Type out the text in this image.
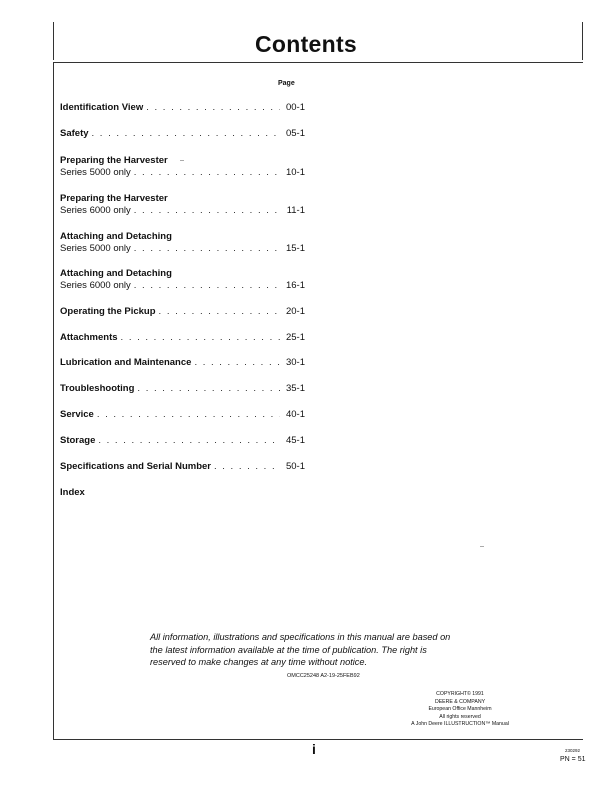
Contents
Page
Identification View . . .	00-1
Safety . . .	05-1
Preparing the Harvester
Series 5000 only . . .	10-1
Preparing the Harvester
Series 6000 only . . .	11-1
Attaching and Detaching
Series 5000 only . . .	15-1
Attaching and Detaching
Series 6000 only . . .	16-1
Operating the Pickup . . .	20-1
Attachments . . .	25-1
Lubrication and Maintenance . . .	30-1
Troubleshooting . . .	35-1
Service . . .	40-1
Storage . . .	45-1
Specifications and Serial Number . . .	50-1
Index
All information, illustrations and specifications in this manual are based on
the latest information available at the time of publication. The right is
reserved to make changes at any time without notice.
OMCC25248 A2-19-25FEB92
COPYRIGHT© 1991
DEERE & COMPANY
European Office Mannheim
All rights reserved
A John Deere ILLUSTRUCTION™ Manual
i	230292
PN = 51
